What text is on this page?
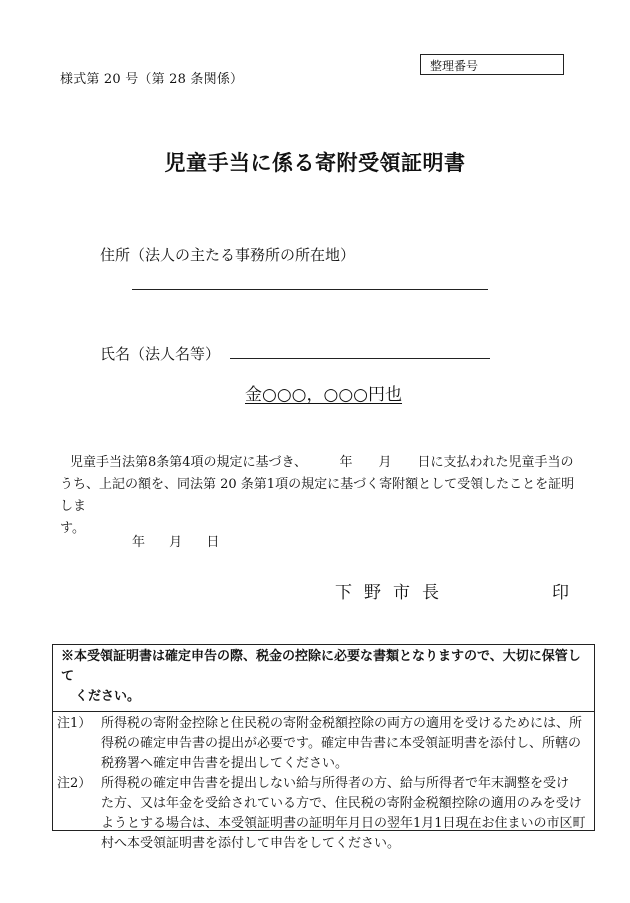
様式第 20 号（第 28 条関係）
整理番号
児童手当に係る寄附受領証明書
住所（法人の主たる事務所の所在地）
氏名（法人名等）
金○○○，○○○円也
児童手当法第8条第4項の規定に基づき、　　　年　　月　　日に支払われた児童手当の
うち、上記の額を、同法第 20 条第1項の規定に基づく寄附額として受領したことを証明しま
す。
年 月 日
下野市長	印
※本受領証明書は確定申告の際、税金の控除に必要な書類となりますので、大切に保管して
ください。
注1） 所得税の寄附金控除と住民税の寄附金税額控除の両方の適用を受けるためには、所
得税の確定申告書の提出が必要です。確定申告書に本受領証明書を添付し、所轄の
税務署へ確定申告書を提出してください。
注2） 所得税の確定申告書を提出しない給与所得者の方、給与所得者で年末調整を受け
た方、又は年金を受給されている方で、住民税の寄附金税額控除の適用のみを受け
ようとする場合は、本受領証明書の証明年月日の翌年1月1日現在お住まいの市区町
村へ本受領証明書を添付して申告をしてください。
